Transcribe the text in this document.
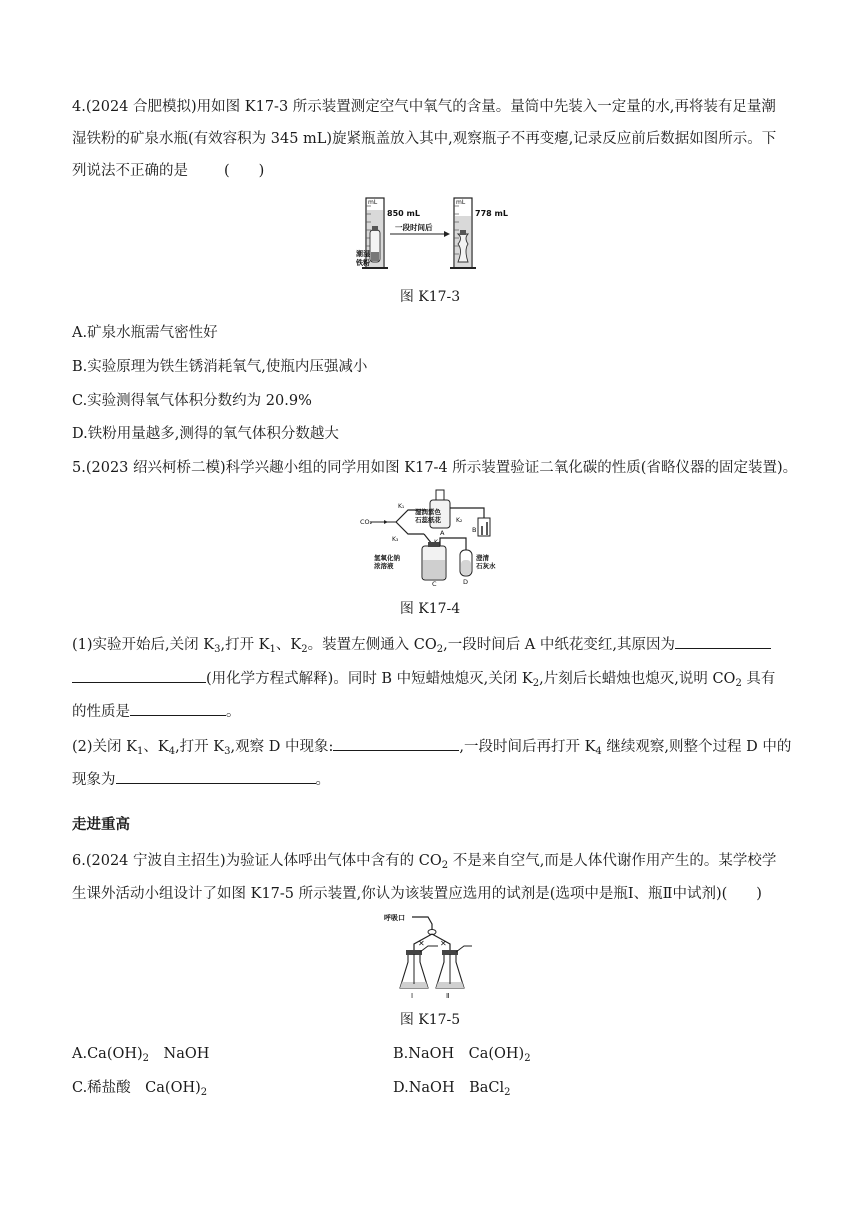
4.(2024 合肥模拟)用如图 K17-3 所示装置测定空气中氧气的含量。量筒中先装入一定量的水,再将装有足量潮
湿铁粉的矿泉水瓶(有效容积为 345 mL)旋紧瓶盖放入其中,观察瓶子不再变瘪,记录反应前后数据如图所示。下
列说法不正确的是 (　　)
mL
850 mL
潮湿
铁粉
一段时间后
mL
778 mL
图 K17-3
A.矿泉水瓶需气密性好
B.实验原理为铁生锈消耗氧气,使瓶内压强减小
C.实验测得氧气体积分数约为 20.9%
D.铁粉用量越多,测得的氧气体积分数越大
5.(2023 绍兴柯桥二模)科学兴趣小组的同学用如图 K17-4 所示装置验证二氧化碳的性质(省略仪器的固定装置)。
CO₂
K₁
K₃
湿润紫色
石蕊纸花
A
K₂
B
C
氢氧化钠
浓溶液
D
澄清
石灰水
图 K17-4
(1)实验开始后,关闭 $K_3$,打开 $K_1$、$K_2$。装置左侧通入 $CO_2$,一段时间后 A 中纸花变红,其原因为
(用化学方程式解释)。同时 B 中短蜡烛熄灭,关闭 $K_2$,片刻后长蜡烛也熄灭,说明 $CO_2$ 具有
的性质是	。
(2)关闭 $K_1$、$K_4$,打开 $K_3$,观察 D 中现象:	,一段时间后再打开 $K_4$ 继续观察,则整个过程 D 中的
现象为	。
走进重高
6.(2024 宁波自主招生)为验证人体呼出气体中含有的 $CO_2$ 不是来自空气,而是人体代谢作用产生的。某学校学
生课外活动小组设计了如图 K17-5 所示装置,你认为该装置应选用的试剂是(选项中是瓶Ⅰ、瓶Ⅱ中试剂)(　　)
呼吸口
✕ ✕
Ⅰ	Ⅱ
图 K17-5
$A.Ca(OH)_2$　NaOH	B.NaOH　$Ca(OH)_2$
C.稀盐酸　$Ca(OH)_2$	D.NaOH　BaCl$_2$
